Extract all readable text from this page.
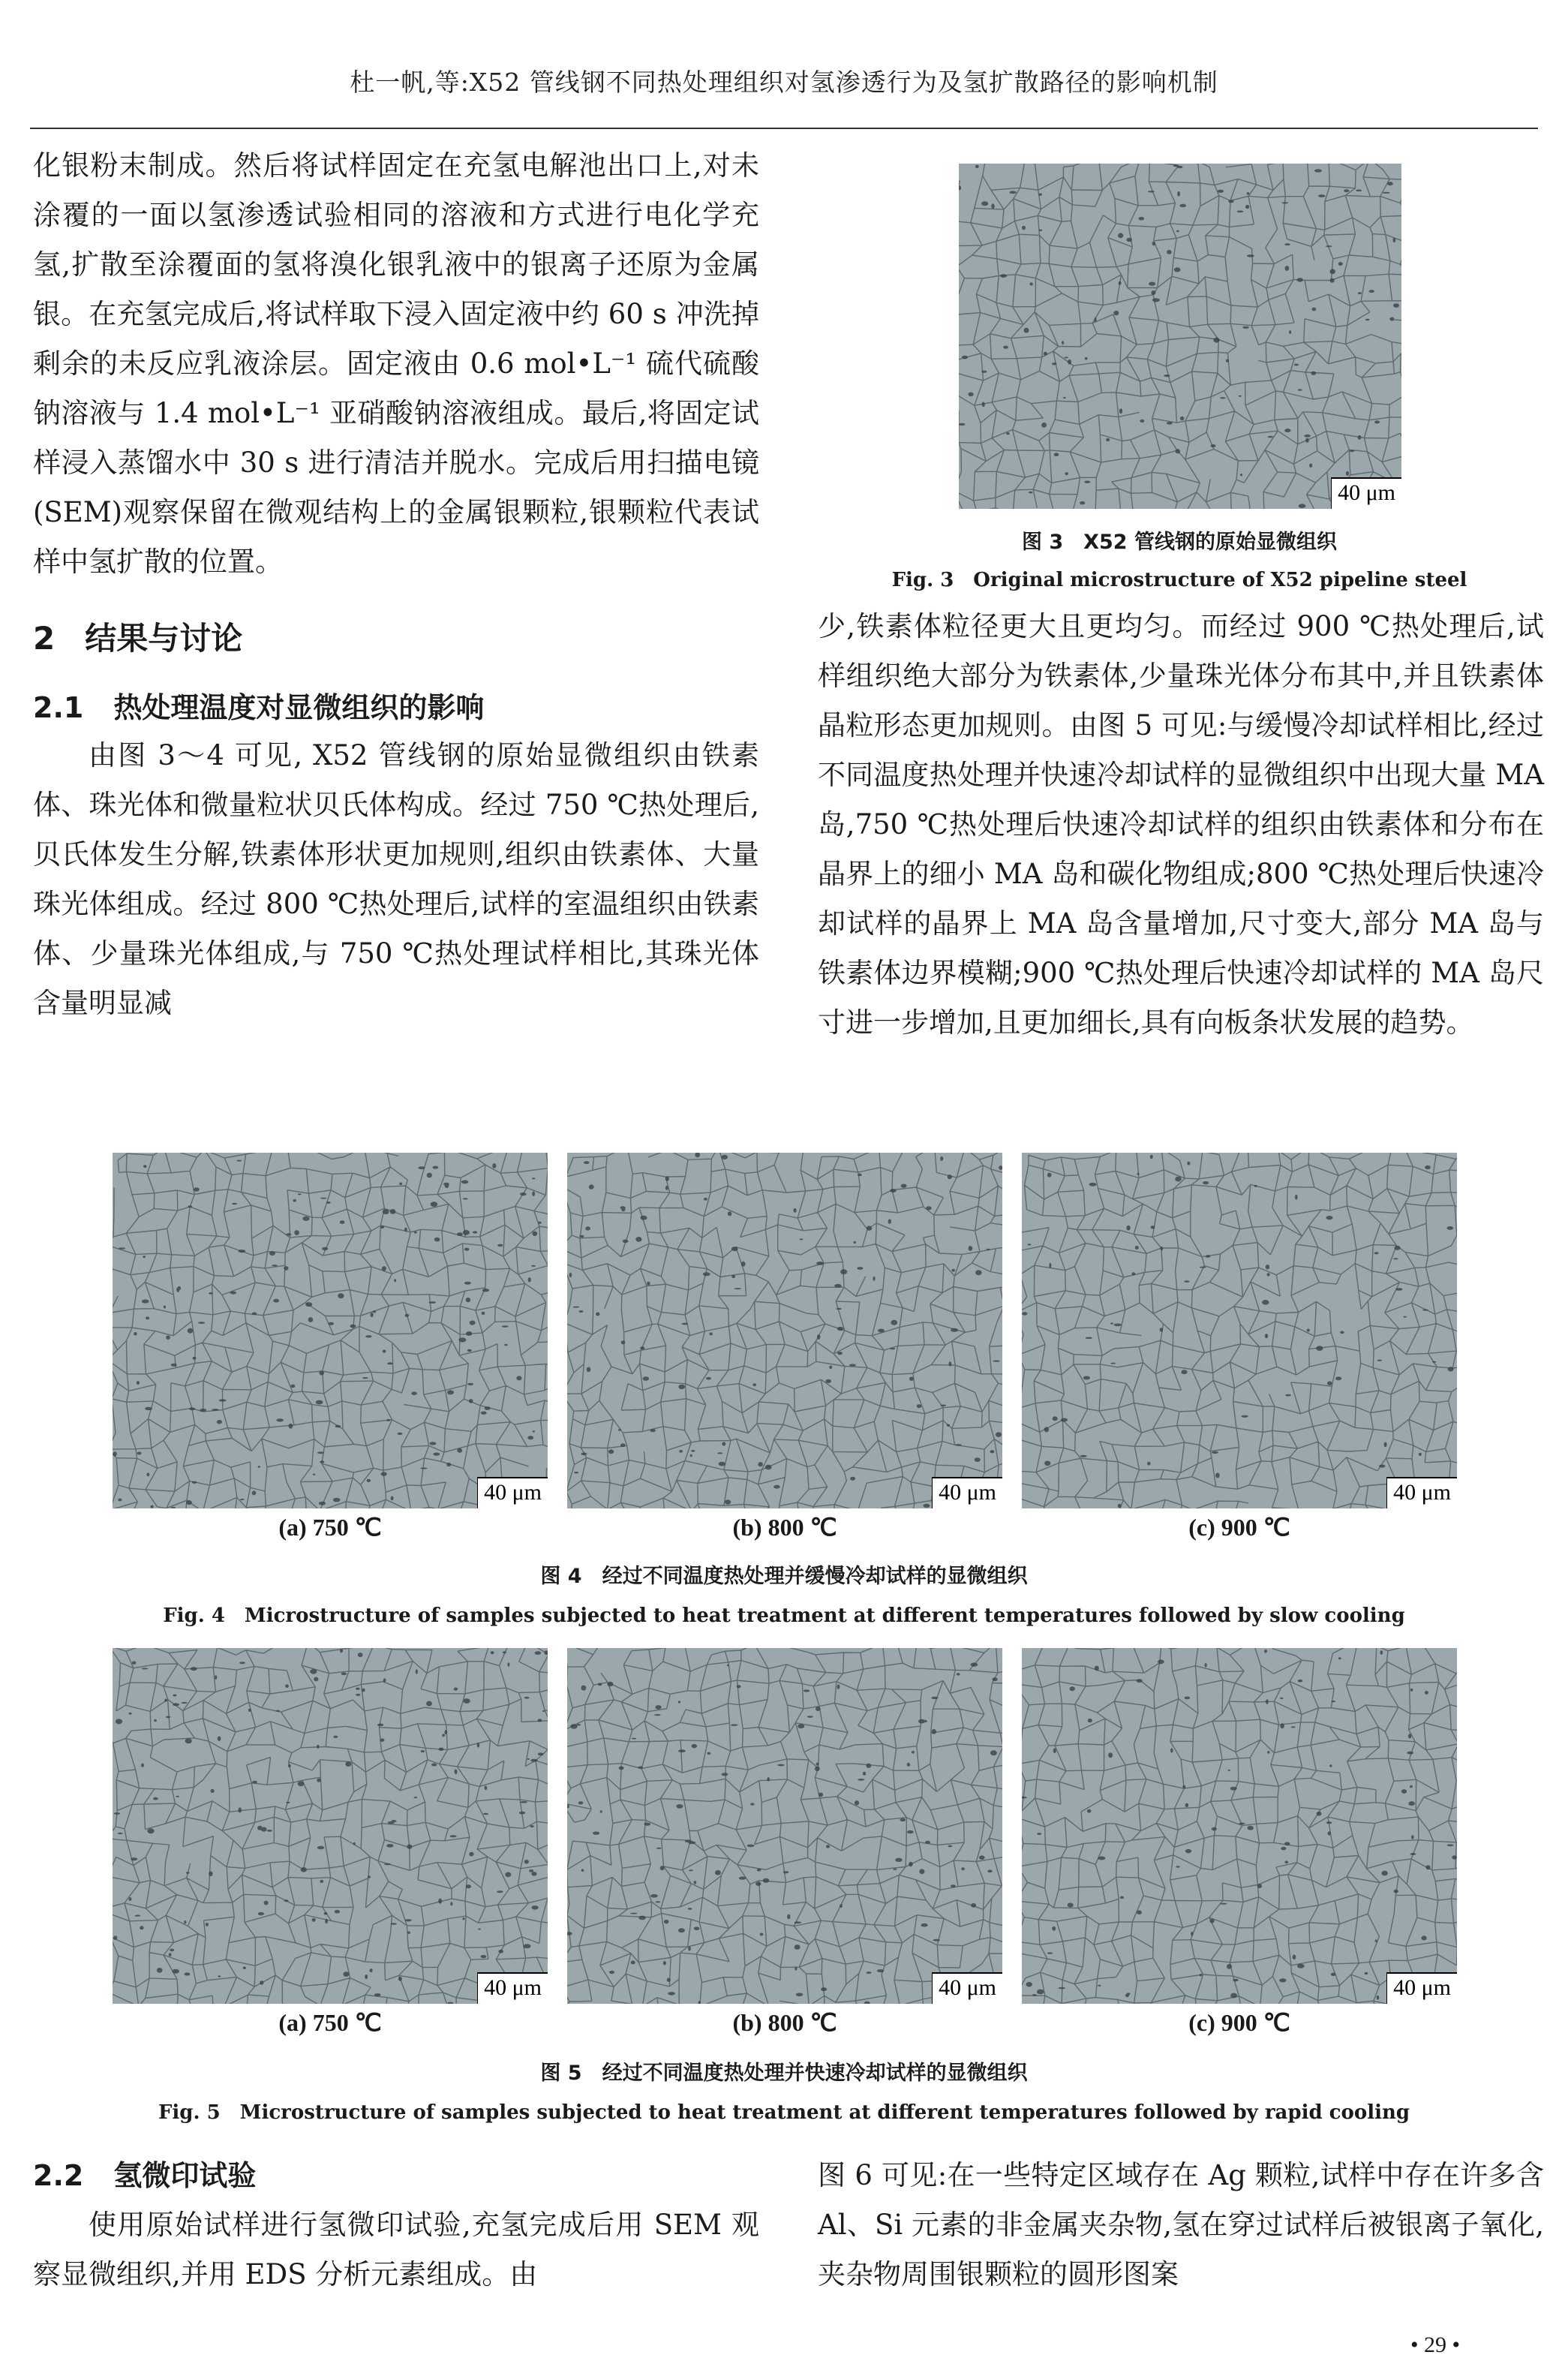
杜一帆,等:X52 管线钢不同热处理组织对氢渗透行为及氢扩散路径的影响机制

化银粉末制成。然后将试样固定在充氢电解池出口上,对未涂覆的一面以氢渗透试验相同的溶液和方式进行电化学充氢,扩散至涂覆面的氢将溴化银乳液中的银离子还原为金属银。在充氢完成后,将试样取下浸入固定液中约 60 s 冲洗掉剩余的未反应乳液涂层。固定液由 0.6 mol•L⁻¹ 硫代硫酸钠溶液与 1.4 mol•L⁻¹ 亚硝酸钠溶液组成。最后,将固定试样浸入蒸馏水中 30 s 进行清洁并脱水。完成后用扫描电镜(SEM)观察保留在微观结构上的金属银颗粒,银颗粒代表试样中氢扩散的位置。

2 结果与讨论
2.1 热处理温度对显微组织的影响

由图 3～4 可见, X52 管线钢的原始显微组织由铁素体、珠光体和微量粒状贝氏体构成。经过 750 ℃热处理后,贝氏体发生分解,铁素体形状更加规则,组织由铁素体、大量珠光体组成。经过 800 ℃热处理后,试样的室温组织由铁素体、少量珠光体组成,与 750 ℃热处理试样相比,其珠光体含量明显减

40 μm
图 3　X52 管线钢的原始显微组织
Fig. 3　Original microstructure of X52 pipeline steel

少,铁素体粒径更大且更均匀。而经过 900 ℃热处理后,试样组织绝大部分为铁素体,少量珠光体分布其中,并且铁素体晶粒形态更加规则。由图 5 可见:与缓慢冷却试样相比,经过不同温度热处理并快速冷却试样的显微组织中出现大量 MA 岛,750 ℃热处理后快速冷却试样的组织由铁素体和分布在晶界上的细小 MA 岛和碳化物组成;800 ℃热处理后快速冷却试样的晶界上 MA 岛含量增加,尺寸变大,部分 MA 岛与铁素体边界模糊;900 ℃热处理后快速冷却试样的 MA 岛尺寸进一步增加,且更加细长,具有向板条状发展的趋势。

40 μm	40 μm	40 μm
(a) 750 ℃	(b) 800 ℃	(c) 900 ℃
图 4　经过不同温度热处理并缓慢冷却试样的显微组织
Fig. 4　Microstructure of samples subjected to heat treatment at different temperatures followed by slow cooling
40 μm	40 μm	40 μm
(a) 750 ℃	(b) 800 ℃	(c) 900 ℃
图 5　经过不同温度热处理并快速冷却试样的显微组织
Fig. 5　Microstructure of samples subjected to heat treatment at different temperatures followed by rapid cooling
2.2 氢微印试验

使用原始试样进行氢微印试验,充氢完成后用 SEM 观察显微组织,并用 EDS 分析元素组成。由

图 6 可见:在一些特定区域存在 Ag 颗粒,试样中存在许多含 Al、Si 元素的非金属夹杂物,氢在穿过试样后被银离子氧化,夹杂物周围银颗粒的圆形图案

• 29 •
